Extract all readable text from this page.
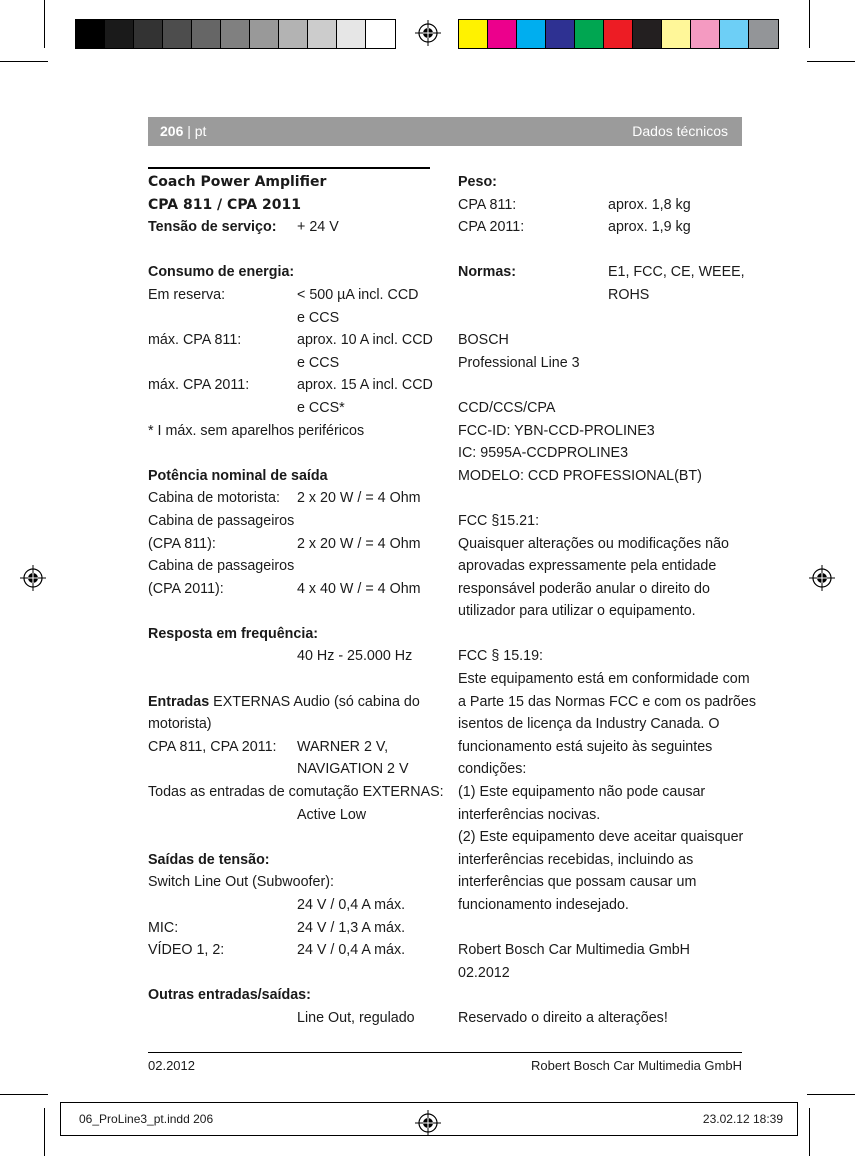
206 | pt	Dados técnicos

Coach Power Amplifier

CPA 811 / CPA 2011

Tensão de serviço:	+ 24 V

Consumo de energia:

Em reserva:	< 500 µA incl. CCD
e CCS
máx. CPA 811:	aprox. 10 A incl. CCD
e CCS
máx. CPA 2011:	aprox. 15 A incl. CCD
e CCS*

* I máx. sem aparelhos periféricos

Potência nominal de saída

Cabina de motorista:	2 x 20 W / = 4 Ohm

Cabina de passageiros

(CPA 811):	2 x 20 W / = 4 Ohm

Cabina de passageiros

(CPA 2011):	4 x 40 W / = 4 Ohm

Resposta em frequência:

40 Hz - 25.000 Hz

Entradas EXTERNAS Audio (só cabina do

motorista)

CPA 811, CPA 2011:	WARNER 2 V,
NAVIGATION 2 V

Todas as entradas de comutação EXTERNAS:

Active Low

Saídas de tensão:

Switch Line Out (Subwoofer):

24 V / 0,4 A máx.
MIC:	24 V / 1,3 A máx.
VÍDEO 1, 2:	24 V / 0,4 A máx.

Outras entradas/saídas:

Line Out, regulado

Peso:

CPA 811:	aprox. 1,8 kg
CPA 2011:	aprox. 1,9 kg
Normas:	E1, FCC, CE, WEEE,
ROHS

BOSCH

Professional Line 3

CCD/CCS/CPA

FCC-ID: YBN-CCD-PROLINE3

IC: 9595A-CCDPROLINE3

MODELO: CCD PROFESSIONAL(BT)

FCC §15.21:

Quaisquer alterações ou modificações não

aprovadas expressamente pela entidade

responsável poderão anular o direito do

utilizador para utilizar o equipamento.

FCC § 15.19:

Este equipamento está em conformidade com

a Parte 15 das Normas FCC e com os padrões

isentos de licença da Industry Canada. O

funcionamento está sujeito às seguintes

condições:

(1) Este equipamento não pode causar

interferências nocivas.

(2) Este equipamento deve aceitar quaisquer

interferências recebidas, incluindo as

interferências que possam causar um

funcionamento indesejado.

Robert Bosch Car Multimedia GmbH

02.2012

Reservado o direito a alterações!

02.2012	Robert Bosch Car Multimedia GmbH
06_ProLine3_pt.indd 206	23.02.12 18:39
